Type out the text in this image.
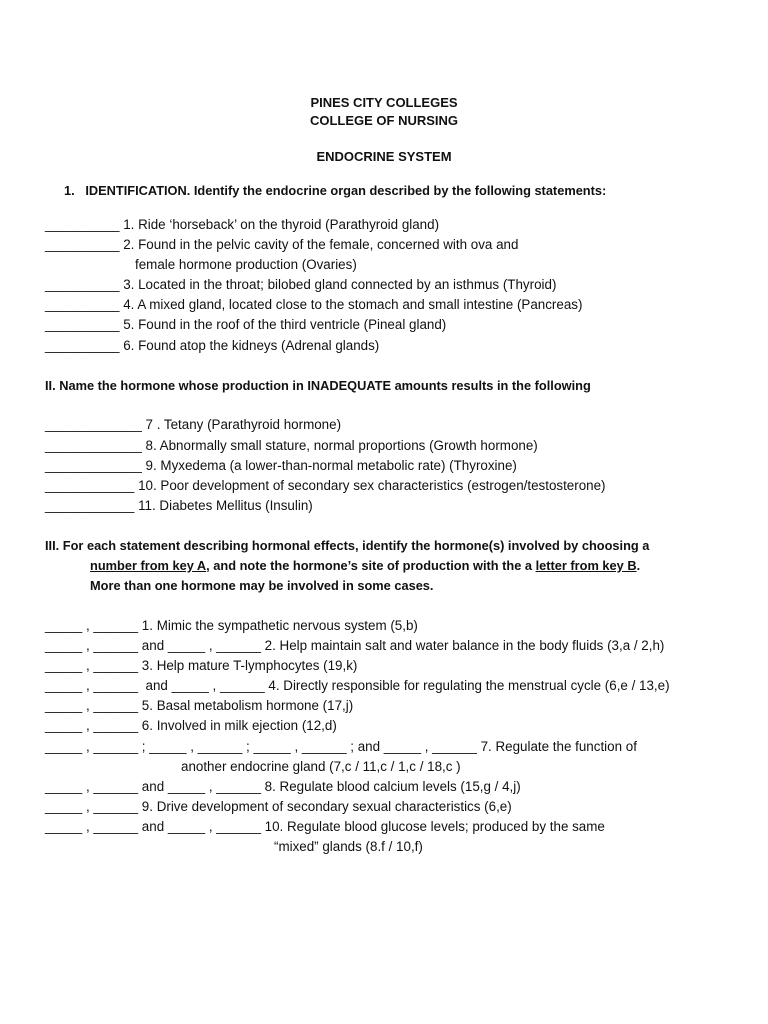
PINES CITY COLLEGES
COLLEGE OF NURSING
ENDOCRINE SYSTEM
1.   IDENTIFICATION. Identify the endocrine organ described by the following statements:
__________ 1. Ride ‘horseback’ on the thyroid (Parathyroid gland)
__________ 2. Found in the pelvic cavity of the female, concerned with ova and
female hormone production (Ovaries)
__________ 3. Located in the throat; bilobed gland connected by an isthmus (Thyroid)
__________ 4. A mixed gland, located close to the stomach and small intestine (Pancreas)
__________ 5. Found in the roof of the third ventricle (Pineal gland)
__________ 6. Found atop the kidneys (Adrenal glands)
II. Name the hormone whose production in INADEQUATE amounts results in the following
_____________ 7 . Tetany (Parathyroid hormone)
_____________ 8. Abnormally small stature, normal proportions (Growth hormone)
_____________ 9. Myxedema (a lower-than-normal metabolic rate) (Thyroxine)
____________ 10. Poor development of secondary sex characteristics (estrogen/testosterone)
____________ 11. Diabetes Mellitus (Insulin)
III. For each statement describing hormonal effects, identify the hormone(s) involved by choosing a
number from key A, and note the hormone’s site of production with the a letter from key B.
More than one hormone may be involved in some cases.
_____ , ______ 1. Mimic the sympathetic nervous system (5,b)
_____ , ______ and _____ , ______ 2. Help maintain salt and water balance in the body fluids (3,a / 2,h)
_____ , ______ 3. Help mature T-lymphocytes (19,k)
_____ , ______  and _____ , ______ 4. Directly responsible for regulating the menstrual cycle (6,e / 13,e)
_____ , ______ 5. Basal metabolism hormone (17,j)
_____ , ______ 6. Involved in milk ejection (12,d)
_____ , ______ ; _____ , ______ ; _____ , ______ ; and _____ , ______ 7. Regulate the function of
another endocrine gland (7,c / 11,c / 1,c / 18,c )
_____ , ______ and _____ , ______ 8. Regulate blood calcium levels (15,g / 4,j)
_____ , ______ 9. Drive development of secondary sexual characteristics (6,e)
_____ , ______ and _____ , ______ 10. Regulate blood glucose levels; produced by the same
“mixed” glands (8.f / 10,f)
